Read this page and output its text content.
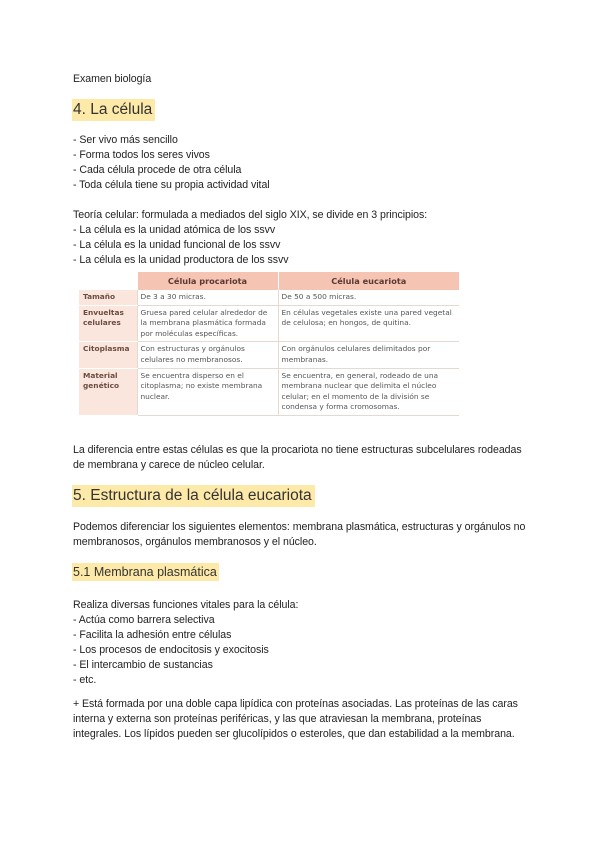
Examen biología
4. La célula
- Ser vivo más sencillo
- Forma todos los seres vivos
- Cada célula procede de otra célula
- Toda célula tiene su propia actividad vital
Teoría celular: formulada a mediados del siglo XIX, se divide en 3 principios:
- La célula es la unidad atómica de los ssvv
- La célula es la unidad funcional de los ssvv
- La célula es la unidad productora de los ssvv
	Célula procariota	Célula eucariota
Tamaño	De 3 a 30 micras.	De 50 a 500 micras.
Envueltas celulares	Gruesa pared celular alrededor de la membrana plasmática formada por moléculas específicas.	En células vegetales existe una pared vegetal de celulosa; en hongos, de quitina.
Citoplasma	Con estructuras y orgánulos celulares no membranosos.	Con orgánulos celulares delimitados por membranas.
Material genético	Se encuentra disperso en el citoplasma; no existe membrana nuclear.	Se encuentra, en general, rodeado de una membrana nuclear que delimita el núcleo celular; en el momento de la división se condensa y forma cromosomas.
La diferencia entre estas células es que la procariota no tiene estructuras subcelulares rodeadas de membrana y carece de núcleo celular.
5. Estructura de la célula eucariota
Podemos diferenciar los siguientes elementos: membrana plasmática, estructuras y orgánulos no membranosos, orgánulos membranosos y el núcleo.
5.1 Membrana plasmática
Realiza diversas funciones vitales para la célula:
- Actúa como barrera selectiva
- Facilita la adhesión entre células
- Los procesos de endocitosis y exocitosis
- El intercambio de sustancias
- etc.
+ Está formada por una doble capa lipídica con proteínas asociadas. Las proteínas de las caras interna y externa son proteínas periféricas, y las que atraviesan la membrana, proteínas integrales. Los lípidos pueden ser glucolípidos o esteroles, que dan estabilidad a la membrana.
